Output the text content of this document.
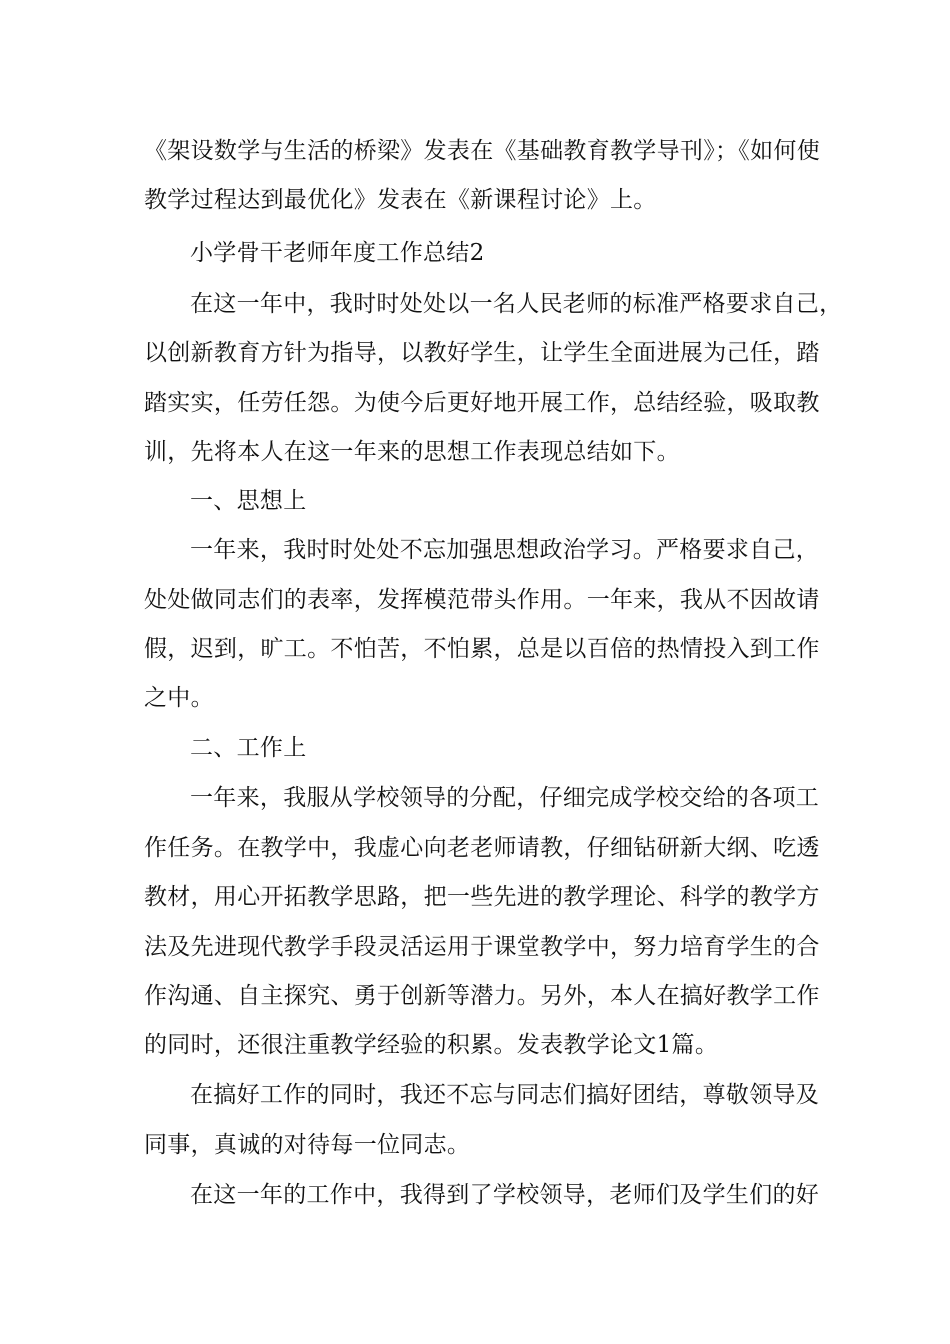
《架设数学与生活的桥梁》发表在《基础教育教学导刊》；《如何使
教学过程达到最优化》发表在《新课程讨论》上。
小学骨干老师年度工作总结2
在这一年中，我时时处处以一名人民老师的标准严格要求自己，
以创新教育方针为指导，以教好学生，让学生全面进展为己任，踏
踏实实，任劳任怨。为使今后更好地开展工作，总结经验，吸取教
训，先将本人在这一年来的思想工作表现总结如下。
一、思想上
一年来，我时时处处不忘加强思想政治学习。严格要求自己，
处处做同志们的表率，发挥模范带头作用。一年来，我从不因故请
假，迟到，旷工。不怕苦，不怕累，总是以百倍的热情投入到工作
之中。
二、工作上
一年来，我服从学校领导的分配，仔细完成学校交给的各项工
作任务。在教学中，我虚心向老老师请教，仔细钻研新大纲、吃透
教材，用心开拓教学思路，把一些先进的教学理论、科学的教学方
法及先进现代教学手段灵活运用于课堂教学中，努力培育学生的合
作沟通、自主探究、勇于创新等潜力。另外，本人在搞好教学工作
的同时，还很注重教学经验的积累。发表教学论文1篇。
在搞好工作的同时，我还不忘与同志们搞好团结，尊敬领导及
同事，真诚的对待每一位同志。
在这一年的工作中，我得到了学校领导，老师们及学生们的好
